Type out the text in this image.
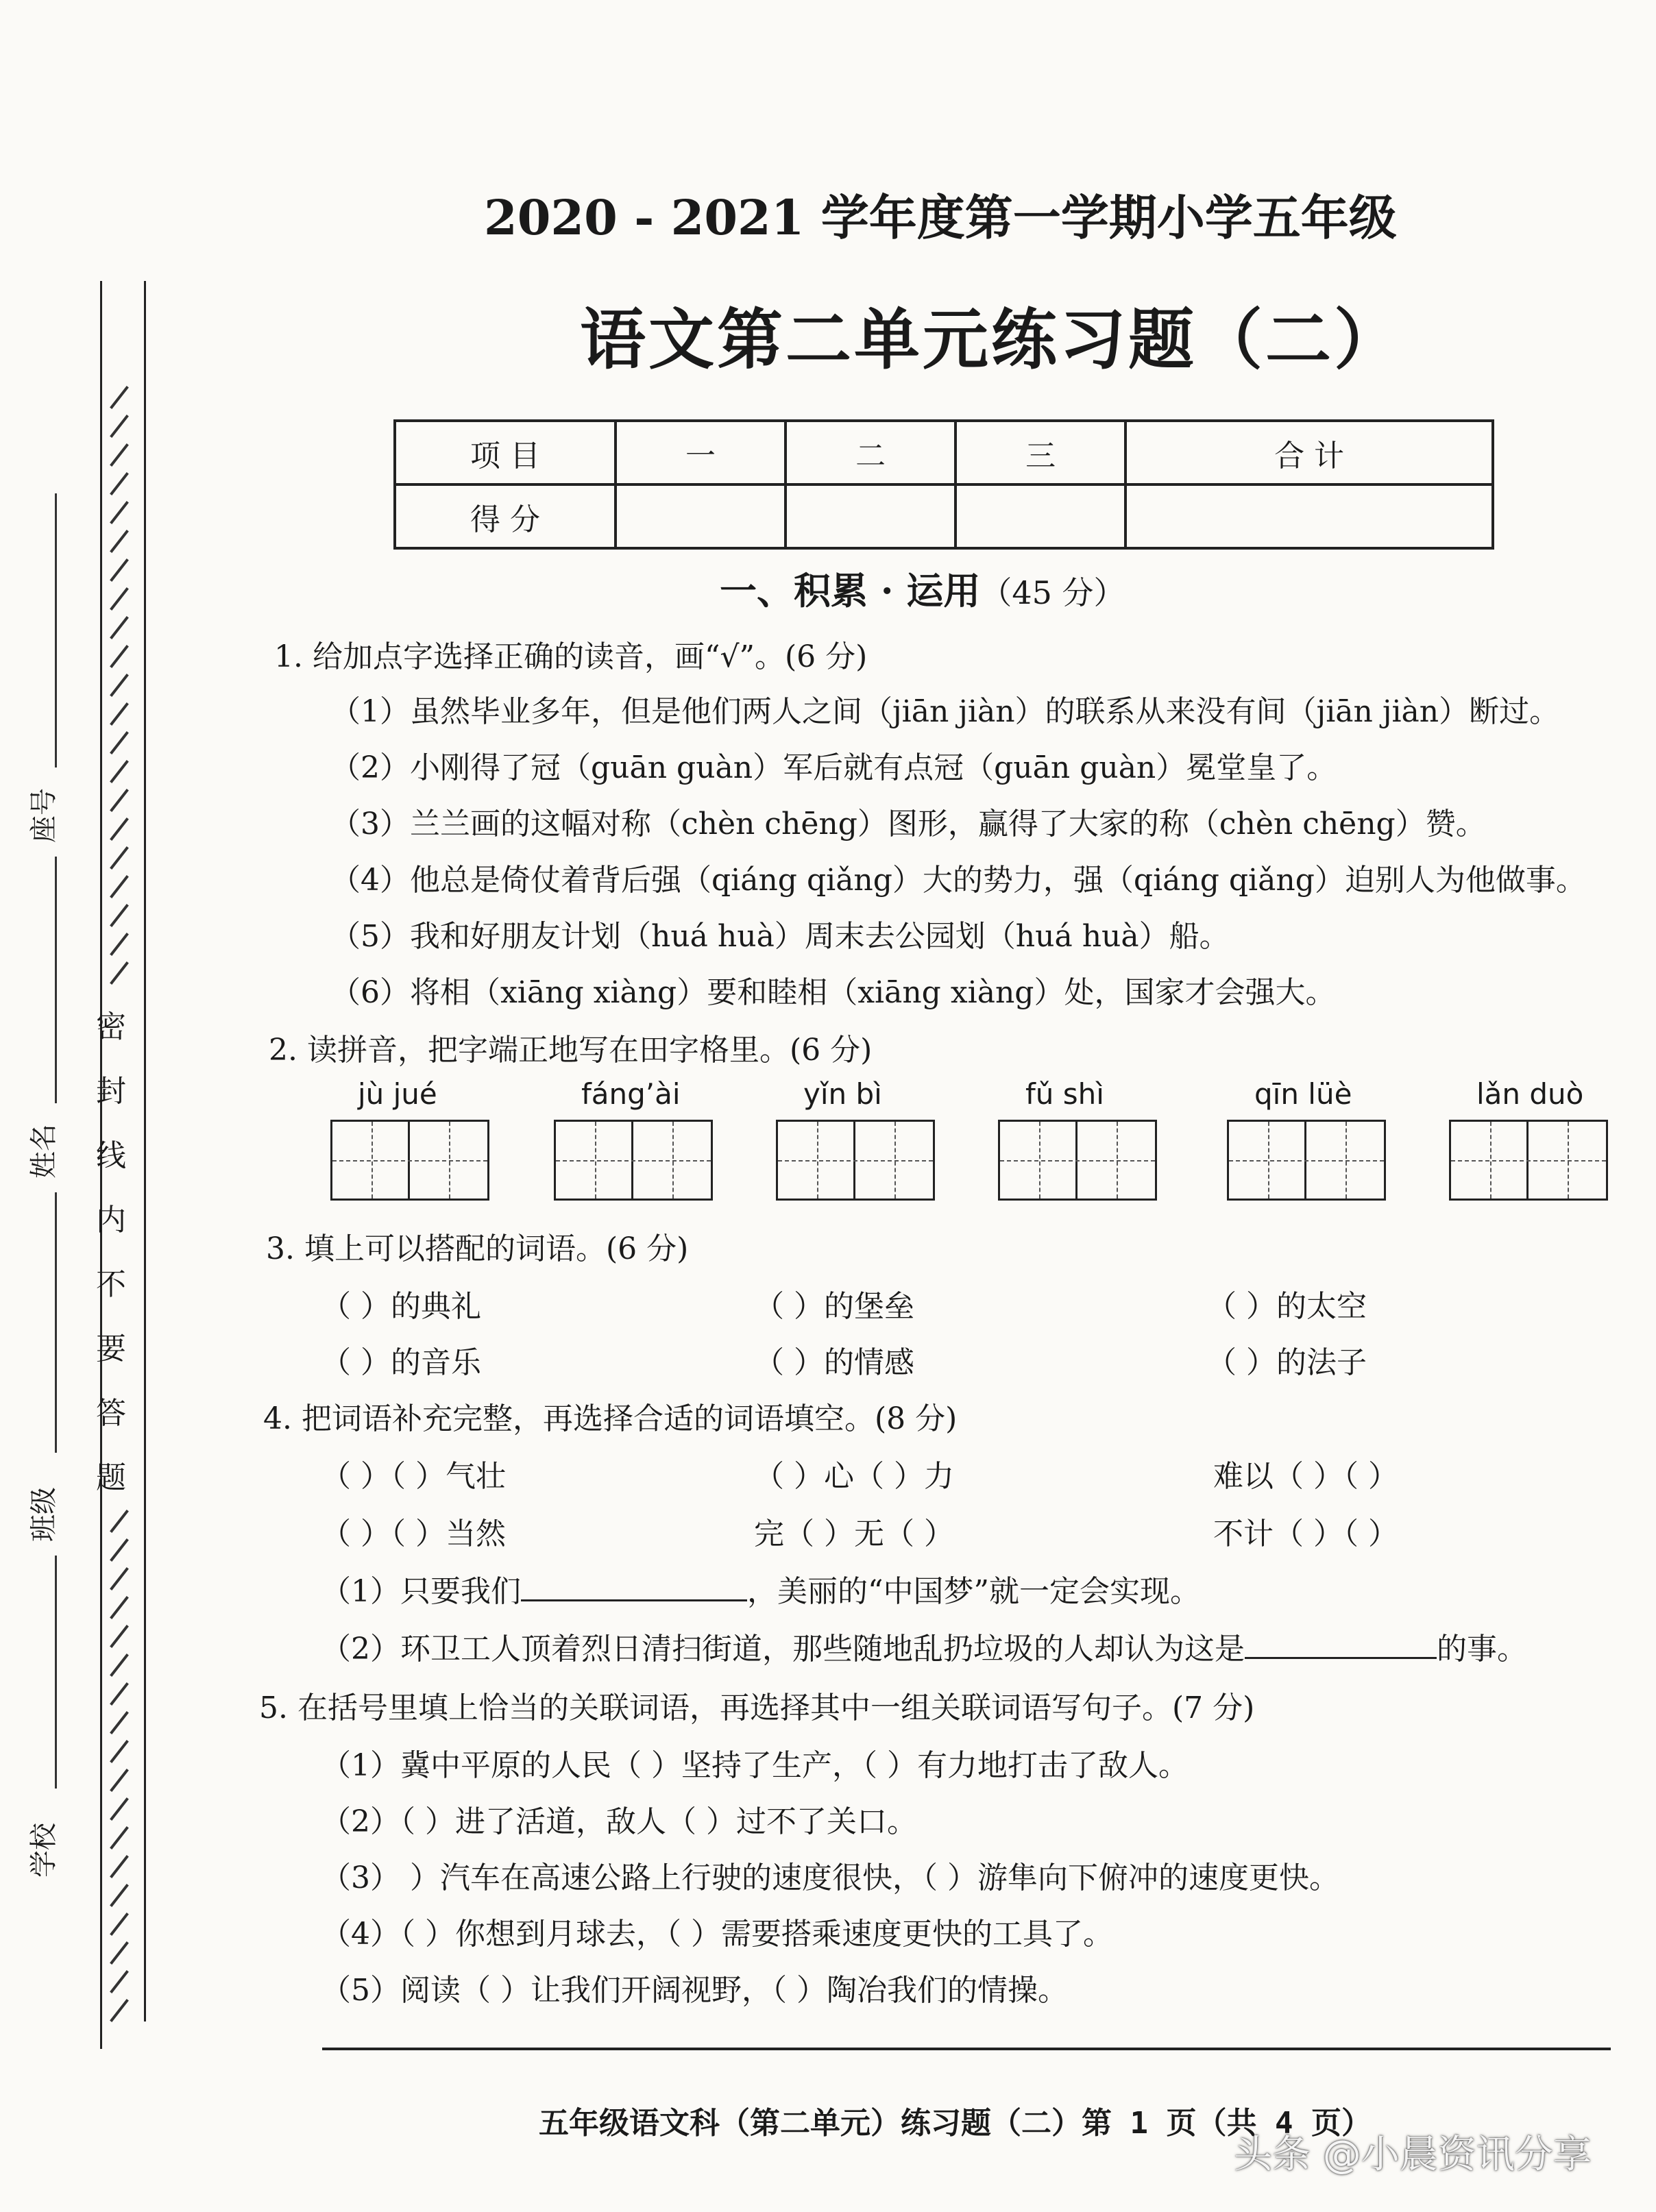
密
封
线
内
不
要
答
题
座号
姓名
班级
学校
2020 - 2021 学年度第一学期小学五年级
语文第二单元练习题（二）
项 目	一	二	三	合 计
得 分				
一、积累 · 运用（45 分）
1. 给加点字选择正确的读音，画“√”。(6 分)
（1）虽然毕业多年，但是他们两人之间（jiān jiàn）的联系从来没有间（jiān jiàn）断过。
（2）小刚得了冠（guān guàn）军后就有点冠（guān guàn）冕堂皇了。
（3）兰兰画的这幅对称（chèn chēng）图形，赢得了大家的称（chèn chēng）赞。
（4）他总是倚仗着背后强（qiáng qiǎng）大的势力，强（qiáng qiǎng）迫别人为他做事。
（5）我和好朋友计划（huá huà）周末去公园划（huá huà）船。
（6）将相（xiāng xiàng）要和睦相（xiāng xiàng）处，国家才会强大。
2. 读拼音，把字端正地写在田字格里。(6 分)
jù jué	fáng’ài	yǐn bì	fǔ shì	qīn lüè	lǎn duò
3. 填上可以搭配的词语。(6 分)
（ ）的典礼	（ ）的堡垒	（ ）的太空
（ ）的音乐	（ ）的情感	（ ）的法子
4. 把词语补充完整，再选择合适的词语填空。(8 分)
（ ）（ ）气壮	（ ）心（ ）力	难以（ ）（ ）
（ ）（ ）当然	完（ ）无（ ）	不计（ ）（ ）
（1）只要我们	，美丽的“中国梦”就一定会实现。
（2）环卫工人顶着烈日清扫街道，那些随地乱扔垃圾的人却认为这是	的事。
5. 在括号里填上恰当的关联词语，再选择其中一组关联词语写句子。(7 分)
（1）冀中平原的人民（ ）坚持了生产，（ ）有力地打击了敌人。
（2）（ ）进了活道，敌人（ ）过不了关口。
（3） ）汽车在高速公路上行驶的速度很快，（ ）游隼向下俯冲的速度更快。
（4）（ ）你想到月球去，（ ）需要搭乘速度更快的工具了。
（5）阅读（ ）让我们开阔视野，（ ）陶冶我们的情操。
五年级语文科（第二单元）练习题（二）第 1 页（共 4 页）
头条 @小晨资讯分享
